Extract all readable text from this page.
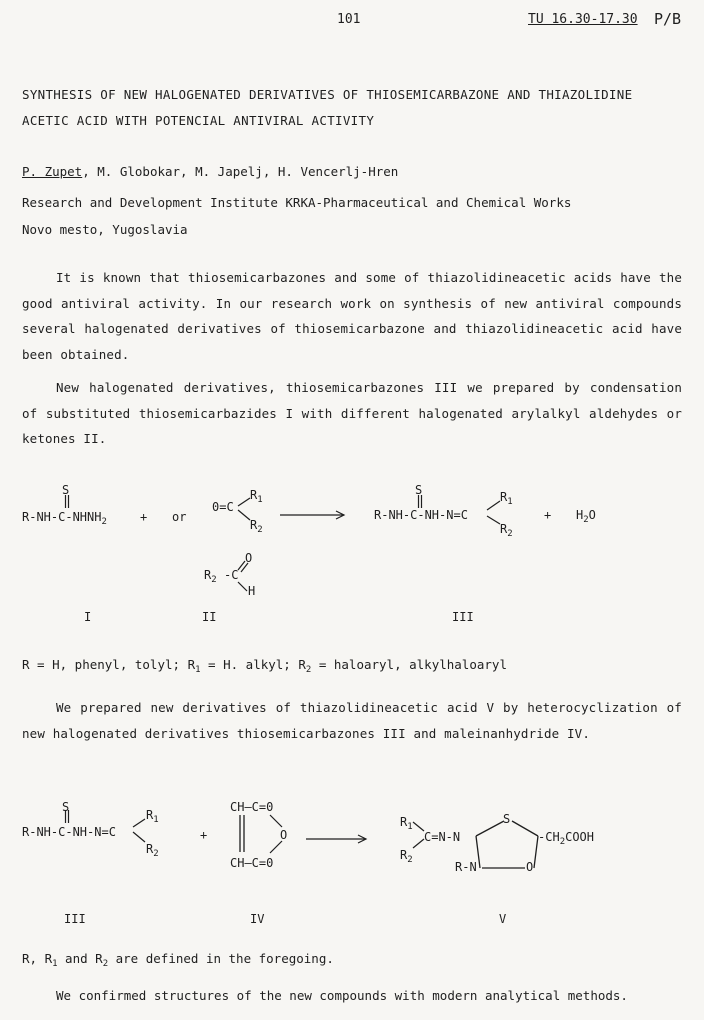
101	TU 16.30-17.30 P/B
SYNTHESIS OF NEW HALOGENATED DERIVATIVES OF THIOSEMICARBAZONE AND THIAZOLIDINE
ACETIC ACID WITH POTENCIAL ANTIVIRAL ACTIVITY
P. Zupet, M. Globokar, M. Japelj, H. Vencerlj-Hren
Research and Development Institute KRKA-Pharmaceutical and Chemical Works
Novo mesto, Yugoslavia
It is known that thiosemicarbazones and some of thiazolidineacetic acids have the good antiviral activity. In our research work on synthesis of new antiviral compounds several halogenated derivatives of thiosemicarbazone and thiazolidineacetic acid have been obtained.
New halogenated derivatives, thiosemicarbazones III we prepared by condensation of substituted thiosemicarbazides I with different halogenated arylalkyl aldehydes or ketones II.
S
$R-NH-C-NHNH_2$	+ or
0=C
$R_1$
$R_2$
$R_2$ -C
O
H
S
R-NH-C-NH-N=C
$R_1$
$R_2$
+ $H_2O$
I	II	III
R = H, phenyl, tolyl; $R_1 = H$. alkyl; $R_2$ = haloaryl, alkylhaloaryl
We prepared new derivatives of thiazolidineacetic acid V by heterocyclization of new halogenated derivatives thiosemicarbazones III and maleinanhydride IV.
S
R-NH-C-NH-N=C
$R_1$
$R_2$
+
CH—C=0
O
CH—C=0
$R_1$
C=N-N
$R_2$
S
$-CH_2COOH$
R-N	O
III	IV	V
R, $R_1$ and $R_2$ are defined in the foregoing.
We confirmed structures of the new compounds with modern analytical methods.
